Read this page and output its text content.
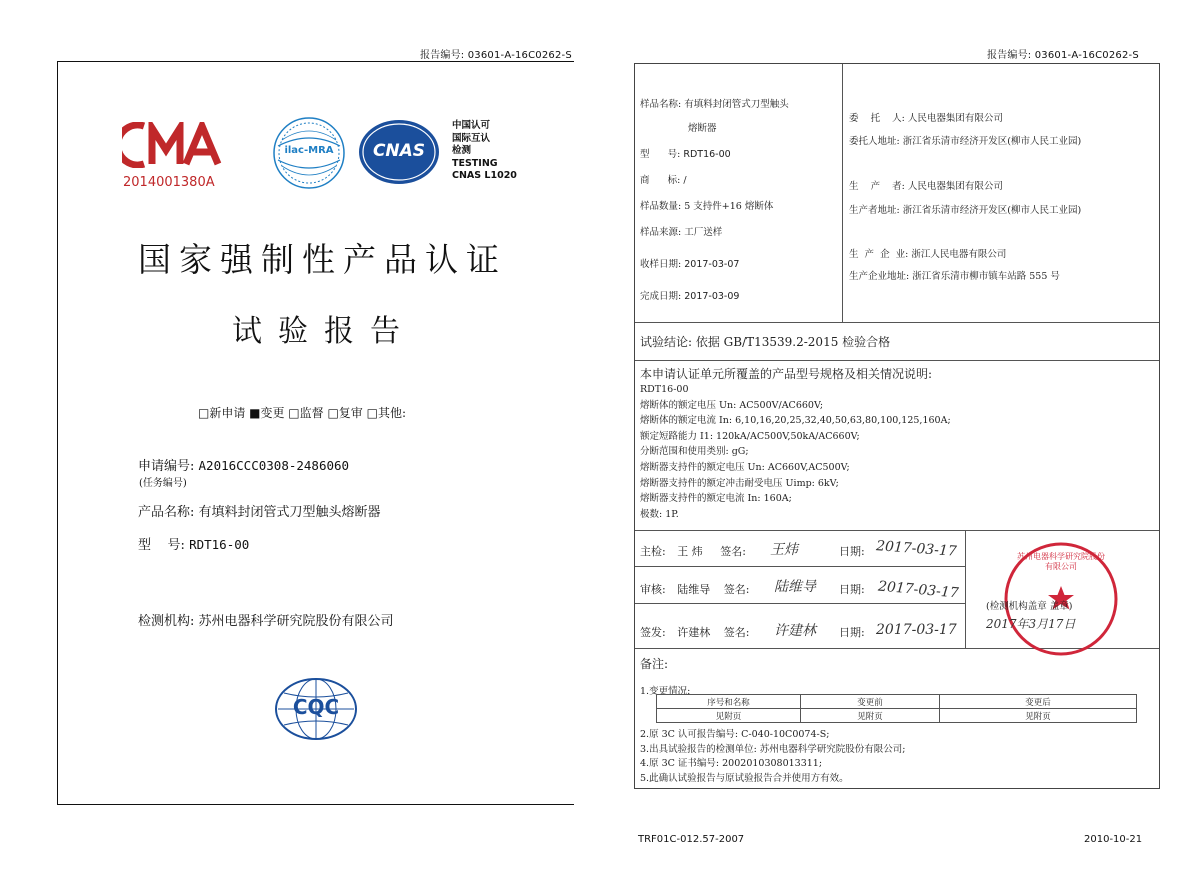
报告编号: 03601-A-16C0262-S
2014001380A
ilac-MRA	CNAS
中国认可
国际互认
检测
TESTING
CNAS L1020
国家强制性产品认证
试验报告
□新申请 ■变更 □监督 □复审 □其他:
申请编号: A2016CCC0308-2486060
(任务编号)
产品名称: 有填料封闭管式刀型触头熔断器
型    号: RDT16-00
检测机构: 苏州电器科学研究院股份有限公司
CQC
报告编号: 03601-A-16C0262-S
样品名称: 有填料封闭管式刀型触头
熔断器
型      号: RDT16-00
商      标: /
样品数量: 5 支持件+16 熔断体
样品来源: 工厂送样
收样日期: 2017-03-07
完成日期: 2017-03-09
委    托    人: 人民电器集团有限公司
委托人地址: 浙江省乐清市经济开发区(柳市人民工业园)
生    产    者: 人民电器集团有限公司
生产者地址: 浙江省乐清市经济开发区(柳市人民工业园)
生  产  企  业: 浙江人民电器有限公司
生产企业地址: 浙江省乐清市柳市镇车站路 555 号
试验结论: 依据 GB/T13539.2-2015 检验合格
本申请认证单元所覆盖的产品型号规格及相关情况说明:
RDT16-00
熔断体的额定电压 Un: AC500V/AC660V;
熔断体的额定电流 In: 6,10,16,20,25,32,40,50,63,80,100,125,160A;
额定短路能力 I1: 120kA/AC500V,50kA/AC660V;
分断范围和使用类别: gG;
熔断器支持件的额定电压 Un: AC660V,AC500V;
熔断器支持件的额定冲击耐受电压 Uimp: 6kV;
熔断器支持件的额定电流 In: 160A;
极数: 1P.
主检: 王 炜 签名: 王炜	日期: 2017-03-17
审核: 陆维导 签名: 陆维导 日期: 2017-03-17
签发: 许建林 签名: 许建林 日期: 2017-03-17
苏州电器科学研究院股份有限公司
(检测机构盖章 盖章)
2017年3月17日
备注:
1.变更情况:
序号和名称	变更前	变更后
见附页	见附页	见附页
2.原 3C 认可报告编号: C-040-10C0074-S;
3.出具试验报告的检测单位: 苏州电器科学研究院股份有限公司;
4.原 3C 证书编号: 2002010308013311;
5.此确认试验报告与原试验报告合并使用方有效。
TRF01C-012.57-2007	2010-10-21
